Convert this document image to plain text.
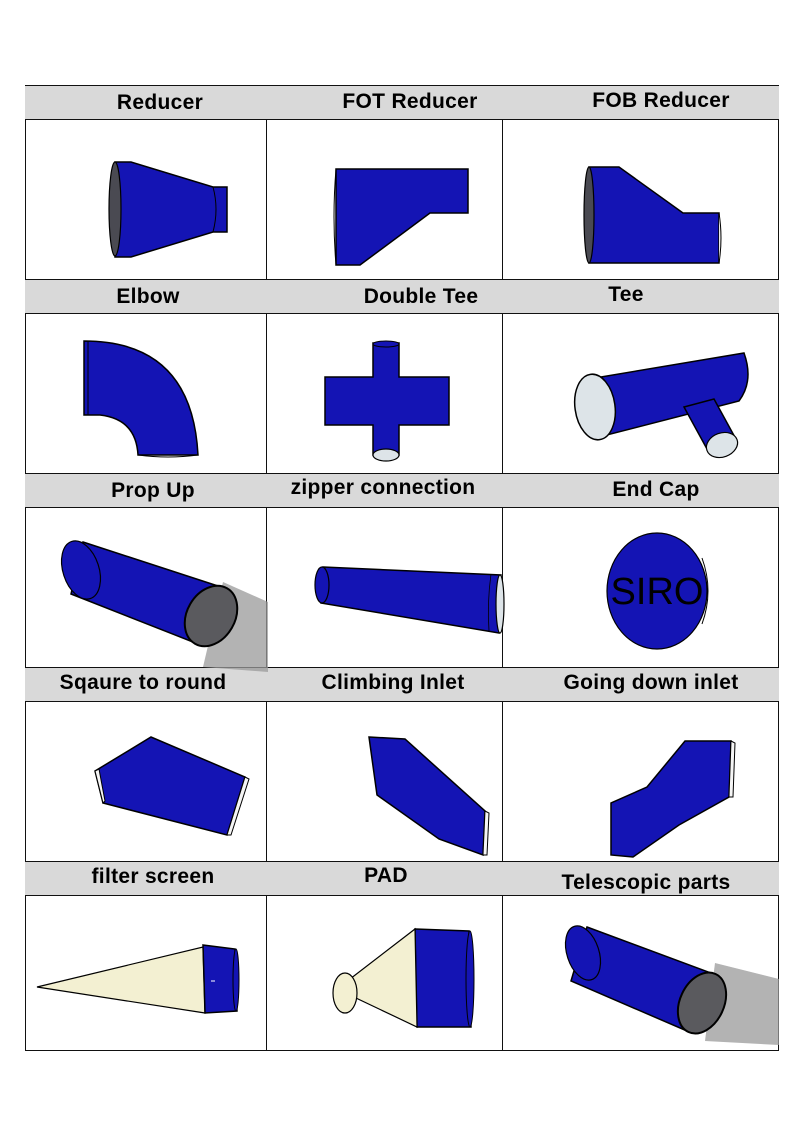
Reducer	FOT Reducer	FOB Reducer
Elbow	Double Tee	Tee
Prop Up	zipper connection	End Cap
Sqaure to round	Climbing Inlet	Going down inlet
filter screen	PAD	Telescopic parts
SIRO
